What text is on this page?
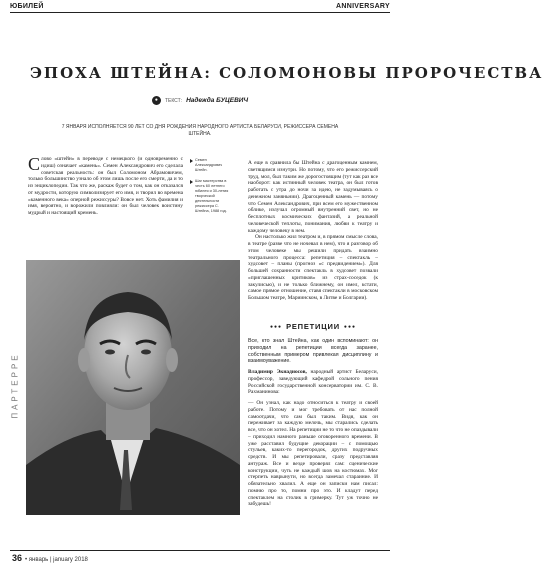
ЮБИЛЕЙ	ANNIVERSARY
ПАРТЕРРЕ
ЭПОХА ШТЕЙНА: СОЛОМОНОВЫ ПРОРОЧЕСТВА
●	ТЕКСТ: Надежда БУЦЕВИЧ
7 ЯНВАРЯ ИСПОЛНЯЕТСЯ 90 ЛЕТ СО ДНЯ РОЖДЕНИЯ НАРОДНОГО АРТИСТА БЕЛАРУСИ, РЕЖИССЕРА СЕМЕНА ШТЕЙНА.

Слово «штейн» в переводе с немецкого (и одновременно с идиш) означает «камень». Семен Александрович его сделала советская реальность: он был Соломоном Абрамовичем, только большинство узнало об этом лишь после его смерти, да и то из энциклопедии. Так что же, раскаж будет о том, как он отказался от мудрости, которую символизирует его имя, и творил во времена «каменного века» оперной режиссуры? Вовсе нет. Хоть фамилия и имя, вероятно, и ворожили повлияли: он был человек воистину мудрый и настоящий кремень.

Семен Александрович Штейн.
Шаг мастерства в честь 60 летнего юбилея и 30-летия творческой деятельности режиссера С. Штейна, 1988 год.

А еще в сравнила бы Штейна с драгоценным камнем, светящимся изнутри. Но потому, что его режиссерский труд, мол, был таким же дорогостоящим (тут как раз все наоборот: как истинный человек театра, он был готов работать с утра до ночи за идею, не задумываясь о денежном заняньнии). Драгоценный камень — потому что Семен Александрович, при всем его мужественном облике, излучал огромный внутренний свет, но не бесплотных космических фантазий, а реальной человеческой теплоты, понимания, любви к театру и каждому человеку в нем.

Он настолько жил театром и, в прямом смысле слова, в театре (разве что не ночевал в нем), что я разговор об этом человеке мы решили придать взаимно театрального процесса: репетиция – спектакль – худсовет – планы (прогноз «с предвидением»). Для большей сохранности спектакль в худсовет позвали «приглашенных критиков» из страх-соседок (к закулисью), и не только ближнему, он имел, кстати, самое прямое отношение, ставя спектакли в московском Большом театре, Мариинском, в Литве и Болгарии).

●●● РЕПЕТИЦИИ ●●●

Все, кто знал Штейна, как один вспоминают: он приходил на репетиции всегда заранее, собственным примером привлекая дисциплину и взаимоуважение.

Владимир Экнадиосов, народный артист Беларуси, профессор, заведующий кафедрой сольного пения Российской государственной консерватории им. С. В. Рахманинова:

— Он узнал, как надо относиться к театру и своей работе. Потому и мог требовать от нас полной самоотдачи, что сам был таким. Видя, как он переживает за каждую мелочь, мы старались сделать все, что он хотел. На репетиции не то что не опаздывали – приходил намного раньше оговоренного времени. В уже расставил будущие декорации – с помощью стульев, каких-то перегородок, других подручных средств. И мы репетировали, сразу представляя антураж. Все и везде проверял сам: сценические конструкции, чуть не каждый шов на костюмах. Мог стерпеть наврынути, но всегда замечал стараиние. И обязательно хвалил. А еще он записки нам писал: помню про то, помни про это. И кладут перед спектаклем на столик в гримерку. Тут уж точно не забудешь!

36 • январь | january 2018
